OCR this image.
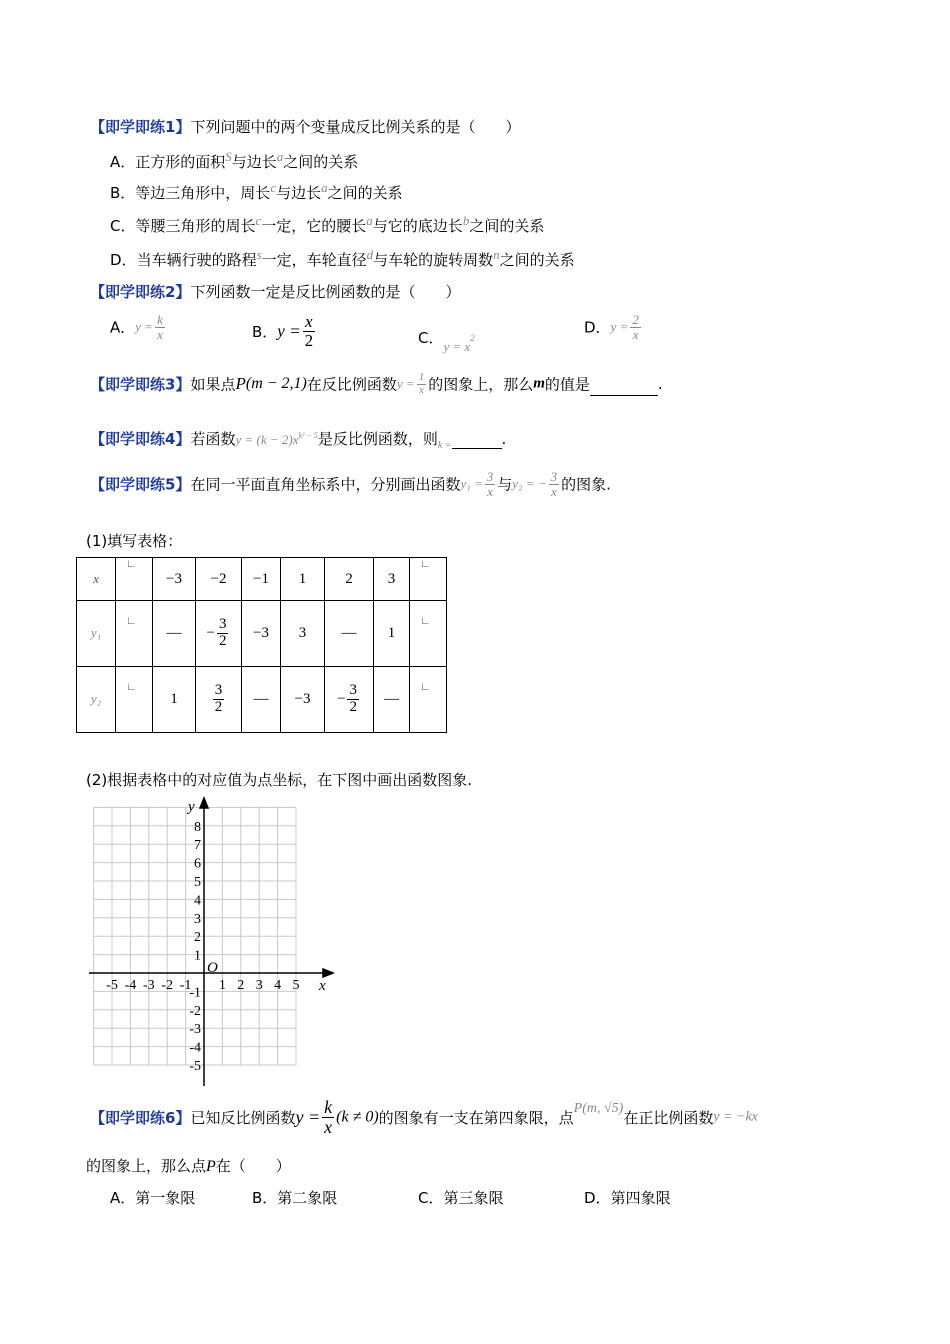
【即学即练1】下列问题中的两个变量成反比例关系的是（　　）
A．正方形的面积$^S$与边长$^a$之间的关系
B．等边三角形中，周长$^c$与边长$^a$之间的关系
C．等腰三角形的周长$^c$一定，它的腰长$^a$与它的底边长$^b$之间的关系
D．当车辆行驶的路程$^s$一定，车轮直径$^d$与车轮的旋转周数$^n$之间的关系
【即学即练2】下列函数一定是反比例函数的是（　　）
A．$y = \frac{k}{x}$	B．$y = \frac{x}{2}$	C．$y = x^2$
D．$y = \frac{2}{x}$
【即学即练3】如果点P(m − 2,1)在反比例函数$y = \frac{1}{x}$ 的图象上，那么m的值是	.
【即学即练4】若函数$y = (k - 2)x^{k^2 - 5}$是反比例函数，则$_{k =}$	.
【即学即练5】在同一平面直角坐标系中，分别画出函数$y_1 = \frac{3}{x}$ 与y₂ = − $\frac{3}{x}$ 的图象.
(1)填写表格：
x	∟	−3	−2	−1	1	2	3	∟

y₁	∟	—	− $\frac{3}{2}$	−3	3	—	1	∟

y₂	∟	1	$\frac{3}{2}$	—	−3	− $\frac{3}{2}$	—	∟
(2)根据表格中的对应值为点坐标，在下图中画出函数图象.
1 2 3 4 5
-5 -4 -3 -2 -1
1
2
3
4
5
6
7
8
-1
-2
-3
-4
-5
y
x
O
【即学即练6】已知反比例函数$y = \frac{k}{x} (k \ne 0)$的图象有一支在第四象限，点P(m, √5)在正比例函数y = −kx
的图象上，那么点P在（　　）
A．第一象限	B．第二象限	C．第三象限	D．第四象限
